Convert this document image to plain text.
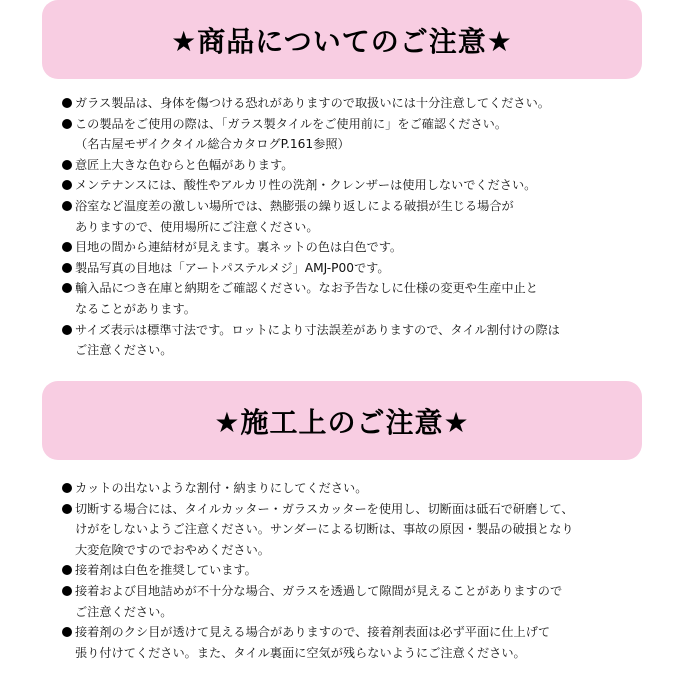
★商品についてのご注意★
ガラス製品は、身体を傷つける恐れがありますので取扱いには十分注意してください。
この製品をご使用の際は、「ガラス製タイルをご使用前に」をご確認ください。
（名古屋モザイクタイル総合カタログP.161参照）
意匠上大きな色むらと色幅があります。
メンテナンスには、酸性やアルカリ性の洗剤・クレンザーは使用しないでください。
浴室など温度差の激しい場所では、熱膨張の繰り返しによる破損が生じる場合が
ありますので、使用場所にご注意ください。
目地の間から連結材が見えます。裏ネットの色は白色です。
製品写真の目地は「アートパステルメジ」AMJ-P00です。
輸入品につき在庫と納期をご確認ください。なお予告なしに仕様の変更や生産中止と
なることがあります。
サイズ表示は標準寸法です。ロットにより寸法誤差がありますので、タイル割付けの際は
ご注意ください。
★施工上のご注意★
カットの出ないような割付・納まりにしてください。
切断する場合には、タイルカッター・ガラスカッターを使用し、切断面は砥石で研磨して、
けがをしないようご注意ください。サンダーによる切断は、事故の原因・製品の破損となり
大変危険ですのでおやめください。
接着剤は白色を推奨しています。
接着および目地詰めが不十分な場合、ガラスを透過して隙間が見えることがありますので
ご注意ください。
接着剤のクシ目が透けて見える場合がありますので、接着剤表面は必ず平面に仕上げて
張り付けてください。また、タイル裏面に空気が残らないようにご注意ください。
